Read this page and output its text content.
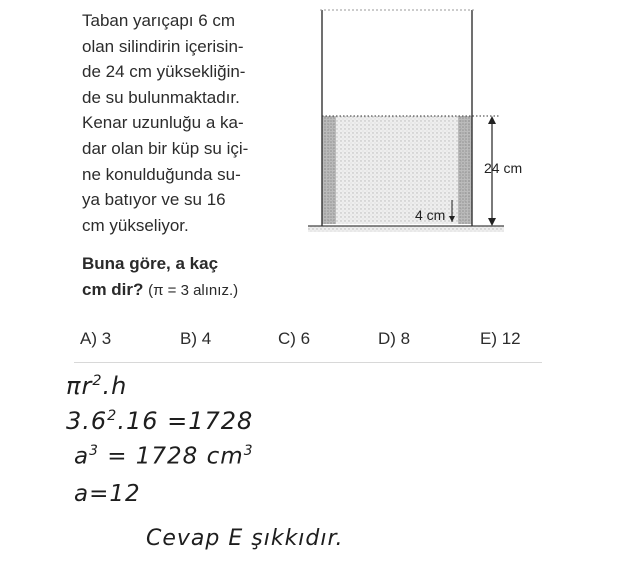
Taban yarıçapı 6 cm
olan silindirin içerisin-
de 24 cm yüksekliğin-
de su bulunmaktadır.
Kenar uzunluğu a ka-
dar olan bir küp su içi-
ne konulduğunda su-
ya batıyor ve su 16
cm yükseliyor.
Buna göre, a kaç
cm dir? (π = 3 alınız.)
24 cm
4 cm
A) 3	B) 4	C) 6	D) 8	E) 12
$\pi r^2.h$
$3.6^2.16 =1728$
$a^3 = 1728$ $cm^3$
a=12
Cevap E şıkkıdır.
